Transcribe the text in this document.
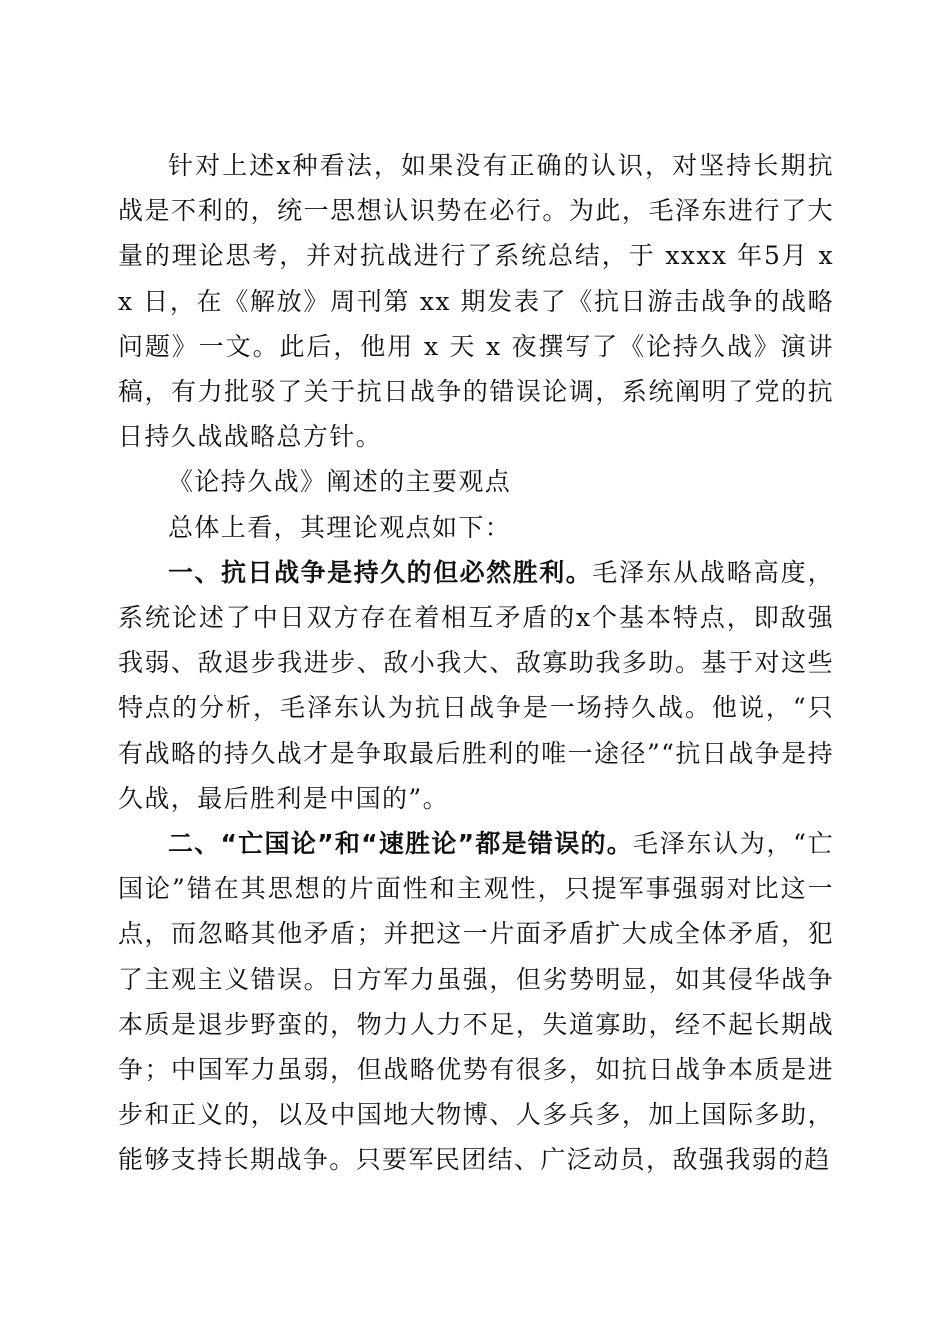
针对上述x种看法，如果没有正确的认识，对坚持长期抗战是不利的，统一思想认识势在必行。为此，毛泽东进行了大量的理论思考，并对抗战进行了系统总结，于 xxxx 年5月 xx 日，在《解放》周刊第 xx 期发表了《抗日游击战争的战略问题》一文。此后，他用 x 天 x 夜撰写了《论持久战》演讲稿，有力批驳了关于抗日战争的错误论调，系统阐明了党的抗日持久战战略总方针。

《论持久战》阐述的主要观点

总体上看，其理论观点如下：

一、抗日战争是持久的但必然胜利。毛泽东从战略高度，系统论述了中日双方存在着相互矛盾的x个基本特点，即敌强我弱、敌退步我进步、敌小我大、敌寡助我多助。基于对这些特点的分析，毛泽东认为抗日战争是一场持久战。他说，“只有战略的持久战才是争取最后胜利的唯一途径”“抗日战争是持久战，最后胜利是中国的”。

二、“亡国论”和“速胜论”都是错误的。毛泽东认为，“亡国论”错在其思想的片面性和主观性，只提军事强弱对比这一点，而忽略其他矛盾；并把这一片面矛盾扩大成全体矛盾，犯了主观主义错误。日方军力虽强，但劣势明显，如其侵华战争本质是退步野蛮的，物力人力不足，失道寡助，经不起长期战争；中国军力虽弱，但战略优势有很多，如抗日战争本质是进步和正义的，以及中国地大物博、人多兵多，加上国际多助，能够支持长期战争。只要军民团结、广泛动员，敌强我弱的趋
